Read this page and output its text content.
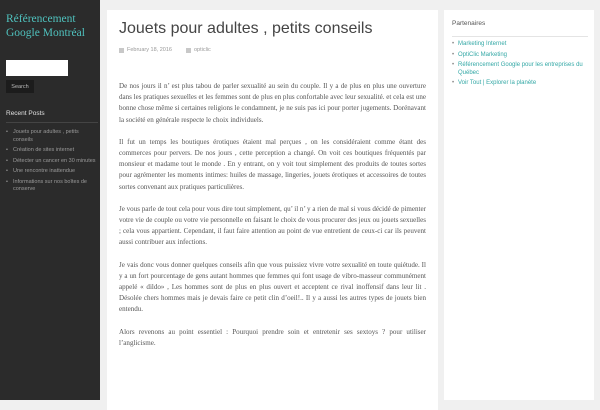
Référencement Google Montréal
Search
Recent Posts
• Jouets pour adultes , petits conseils
• Création de sites internet
• Détecter un cancer en 30 minutes
• Une rencontre inattendue
• Informations sur nos boîtes de conserve
Jouets pour adultes , petits conseils
February 18, 2016	opticlic

De nos jours il n’ est plus tabou de parler sexualité au sein du couple. Il y a de plus en plus une ouverture dans les pratiques sexuelles et les femmes sont de plus en plus confortable avec leur sexualité. et cela est une bonne chose même si certaines religions le condamnent, je ne suis pas ici pour porter jugements. Dorénavant la société en générale respecte le choix individuels.

Il fut un temps les boutiques érotiques étaient mal perçues , on les considéraient comme étant des commerces pour pervers. De nos jours , cette perception a changé. On voit ces boutiques fréquentés par monsieur et madame tout le monde . En y entrant, on y voit tout simplement des produits de toutes sortes pour agrémenter les moments intimes: huiles de massage, lingeries, jouets érotiques et accessoires de toutes sortes convenant aux pratiques particulières.

Je vous parle de tout cela pour vous dire tout simplement, qu’ il n’ y a rien de mal si vous décidé de pimenter votre vie de couple ou votre vie personnelle en faisant le choix de vous procurer des jeux ou jouets sexuelles ; cela vous appartient. Cependant, il faut faire attention au point de vue entretient de ceux-ci car ils peuvent aussi contribuer aux infections.

Je vais donc vous donner quelques conseils afin que vous puissiez vivre votre sexualité en toute quiétude. Il y a un fort pourcentage de gens autant hommes que femmes qui font usage de vibro-masseur communément appelé « dildo» , Les hommes sont de plus en plus ouvert et acceptent ce rival inoffensif dans leur lit . Désolée chers hommes mais je devais faire ce petit clin d’oeil!.. Il y a aussi les autres types de jouets bien entendu.

Alors revenons au point essentiel : Pourquoi prendre soin et entretenir ses sextoys ? pour utiliser l’anglicisme.

Partenaires
• Marketing Internet
• OptiClic Marketing
• Référencement Google pour les entreprises du Québec
• Voir Tout | Explorer la planète
